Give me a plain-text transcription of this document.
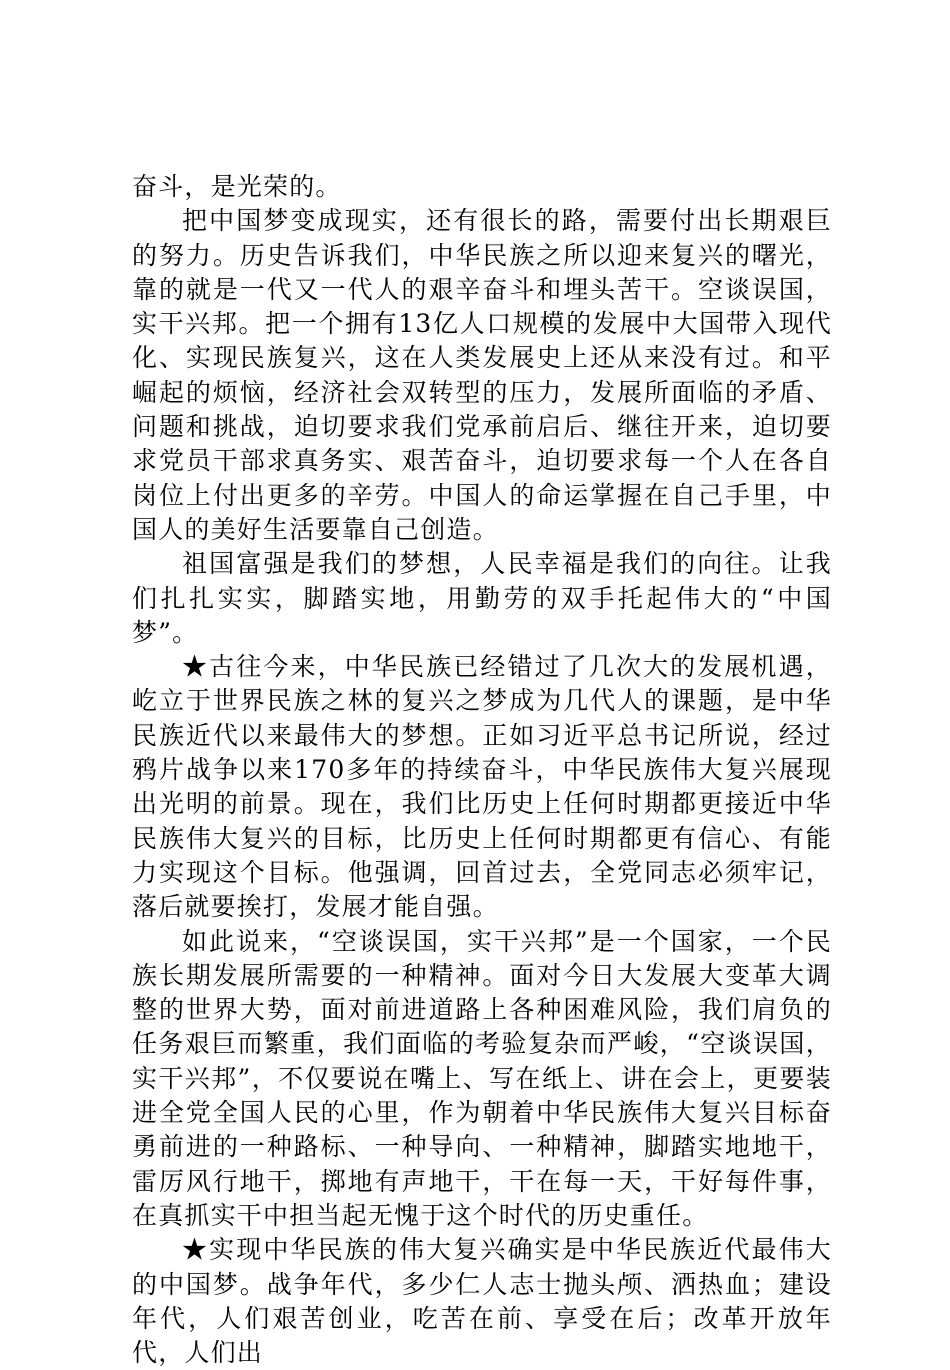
奋斗，是光荣的。

把中国梦变成现实，还有很长的路，需要付出长期艰巨的努力。历史告诉我们，中华民族之所以迎来复兴的曙光，靠的就是一代又一代人的艰辛奋斗和埋头苦干。空谈误国，实干兴邦。把一个拥有13亿人口规模的发展中大国带入现代化、实现民族复兴，这在人类发展史上还从来没有过。和平崛起的烦恼，经济社会双转型的压力，发展所面临的矛盾、问题和挑战，迫切要求我们党承前启后、继往开来，迫切要求党员干部求真务实、艰苦奋斗，迫切要求每一个人在各自岗位上付出更多的辛劳。中国人的命运掌握在自己手里，中国人的美好生活要靠自己创造。

祖国富强是我们的梦想，人民幸福是我们的向往。让我们扎扎实实，脚踏实地，用勤劳的双手托起伟大的“中国梦”。

★古往今来，中华民族已经错过了几次大的发展机遇，屹立于世界民族之林的复兴之梦成为几代人的课题，是中华民族近代以来最伟大的梦想。正如习近平总书记所说，经过鸦片战争以来170多年的持续奋斗，中华民族伟大复兴展现出光明的前景。现在，我们比历史上任何时期都更接近中华民族伟大复兴的目标，比历史上任何时期都更有信心、有能力实现这个目标。他强调，回首过去，全党同志必须牢记，落后就要挨打，发展才能自强。

如此说来，“空谈误国，实干兴邦”是一个国家，一个民族长期发展所需要的一种精神。面对今日大发展大变革大调整的世界大势，面对前进道路上各种困难风险，我们肩负的任务艰巨而繁重，我们面临的考验复杂而严峻，“空谈误国，实干兴邦”，不仅要说在嘴上、写在纸上、讲在会上，更要装进全党全国人民的心里，作为朝着中华民族伟大复兴目标奋勇前进的一种路标、一种导向、一种精神，脚踏实地地干，雷厉风行地干，掷地有声地干，干在每一天，干好每件事，在真抓实干中担当起无愧于这个时代的历史重任。

★实现中华民族的伟大复兴确实是中华民族近代最伟大的中国梦。战争年代，多少仁人志士抛头颅、洒热血；建设年代，人们艰苦创业，吃苦在前、享受在后；改革开放年代，人们出
